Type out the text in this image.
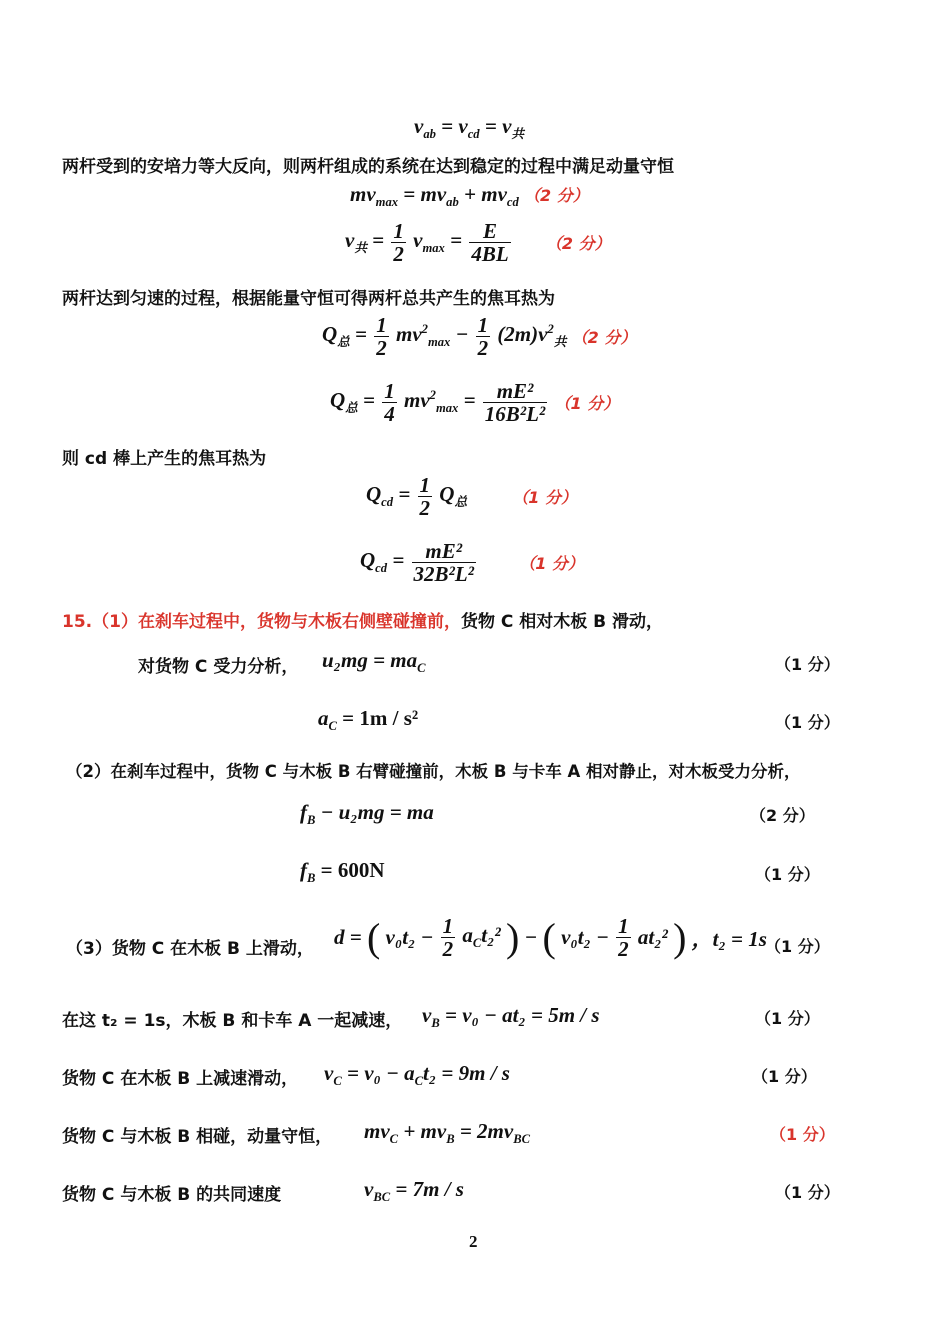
$v_{ab} = v_{cd} = v_共$
两杆受到的安培力等大反向，则两杆组成的系统在达到稳定的过程中满足动量守恒
$mv_{max} = mv_{ab} + mv_{cd}$ （2 分）
$v_共 = \frac{1}{2} v_{max} = \frac{E}{4BL} (2$ 分）
两杆达到匀速的过程，根据能量守恒可得两杆总共产生的焦耳热为
$Q_总 = \frac{1}{2} mv^2_{max} - \frac{1}{2} (2m)v^2_共$ （2 分）
$Q_总 = \frac{1}{4} mv^2_{max} = \frac{\text{mE²}}{\text{16B²L²}} (1$ 分）
则 cd 棒上产生的焦耳热为
$Q_{cd} = \frac{1}{2} Q_总$	（1 分）
$Q_{cd} = \frac{\text{mE²}}{\text{32B²L²}}$	（1 分）
15.（1）在刹车过程中，货物与木板右侧壁碰撞前，货物 C 相对木板 B 滑动，
对货物 C 受力分析， $u_2mg = ma_C$	（1 分）
$a_C = 1m / s^2$	（1 分）
（2）在刹车过程中，货物 C 与木板 B 右臂碰撞前，木板 B 与卡车 A 相对静止，对木板受力分析，
$f_B - u_2mg$ = ma	（2 分）
$f_B = 600N$	（1 分）
（3）货物 C 在木板 B 上滑动， d = ( $v_0t_2 - \frac{1}{2} a_Ct_2^2$ ) − ( $v_0t_2 - \frac{1}{2} at_2^2$ ) ，t₂ = 1s
（1 分）
在这 t₂ = 1s，木板 B 和卡车 A 一起减速， $v_B = v_0 - at_2 = 5m / s$	（1 分）
货物 C 在木板 B 上减速滑动， $v_C = v_0 - a_Ct_2 = 9m / s$	（1 分）
货物 C 与木板 B 相碰，动量守恒， $mv_C + mv_B = 2mv_{BC}$	（1 分）
货物 C 与木板 B 的共同速度	$v_{BC} = 7m / s$	（1 分）
2
